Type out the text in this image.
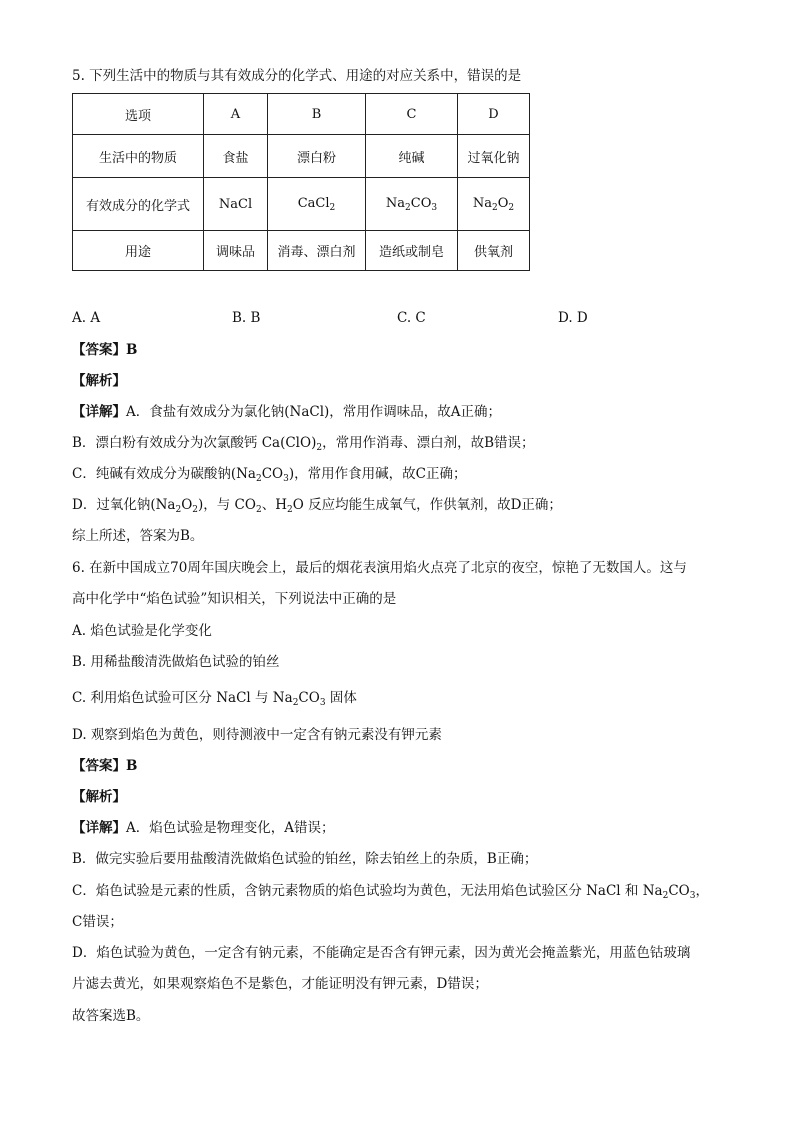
5. 下列生活中的物质与其有效成分的化学式、用途的对应关系中，错误的是
选项	A	B	C	D
生活中的物质	食盐	漂白粉	纯碱	过氧化钠
有效成分的化学式	NaCl	CaCl$_2$	$Na_2CO_3$	$Na_2O_2$
用途	调味品	消毒、漂白剂	造纸或制皂	供氧剂
A. A	B. B	C. C	D. D
【答案】B
【解析】
【详解】A．食盐有效成分为氯化钠(NaCl)，常用作调味品，故A正确；
B．漂白粉有效成分为次氯酸钙 $Ca(ClO)_2$，常用作消毒、漂白剂，故B错误；
C．纯碱有效成分为碳酸钠$(Na_2CO_3)$，常用作食用碱，故C正确；
D．过氧化钠$(Na_2O_2)$，与 $CO_2$、$H_2O$ 反应均能生成氧气，作供氧剂，故D正确；
综上所述，答案为B。
6. 在新中国成立70周年国庆晚会上，最后的烟花表演用焰火点亮了北京的夜空，惊艳了无数国人。这与
高中化学中“焰色试验”知识相关，下列说法中正确的是
A. 焰色试验是化学变化
B. 用稀盐酸清洗做焰色试验的铂丝
C. 利用焰色试验可区分 NaCl 与 $Na_2CO_3$ 固体
D. 观察到焰色为黄色，则待测液中一定含有钠元素没有钾元素
【答案】B
【解析】
【详解】A．焰色试验是物理变化，A错误；
B．做完实验后要用盐酸清洗做焰色试验的铂丝，除去铂丝上的杂质，B正确；
C．焰色试验是元素的性质，含钠元素物质的焰色试验均为黄色，无法用焰色试验区分 NaCl 和 $Na_2CO_3$，
C错误；
D．焰色试验为黄色，一定含有钠元素，不能确定是否含有钾元素，因为黄光会掩盖紫光，用蓝色钴玻璃
片滤去黄光，如果观察焰色不是紫色，才能证明没有钾元素，D错误；
故答案选B。
